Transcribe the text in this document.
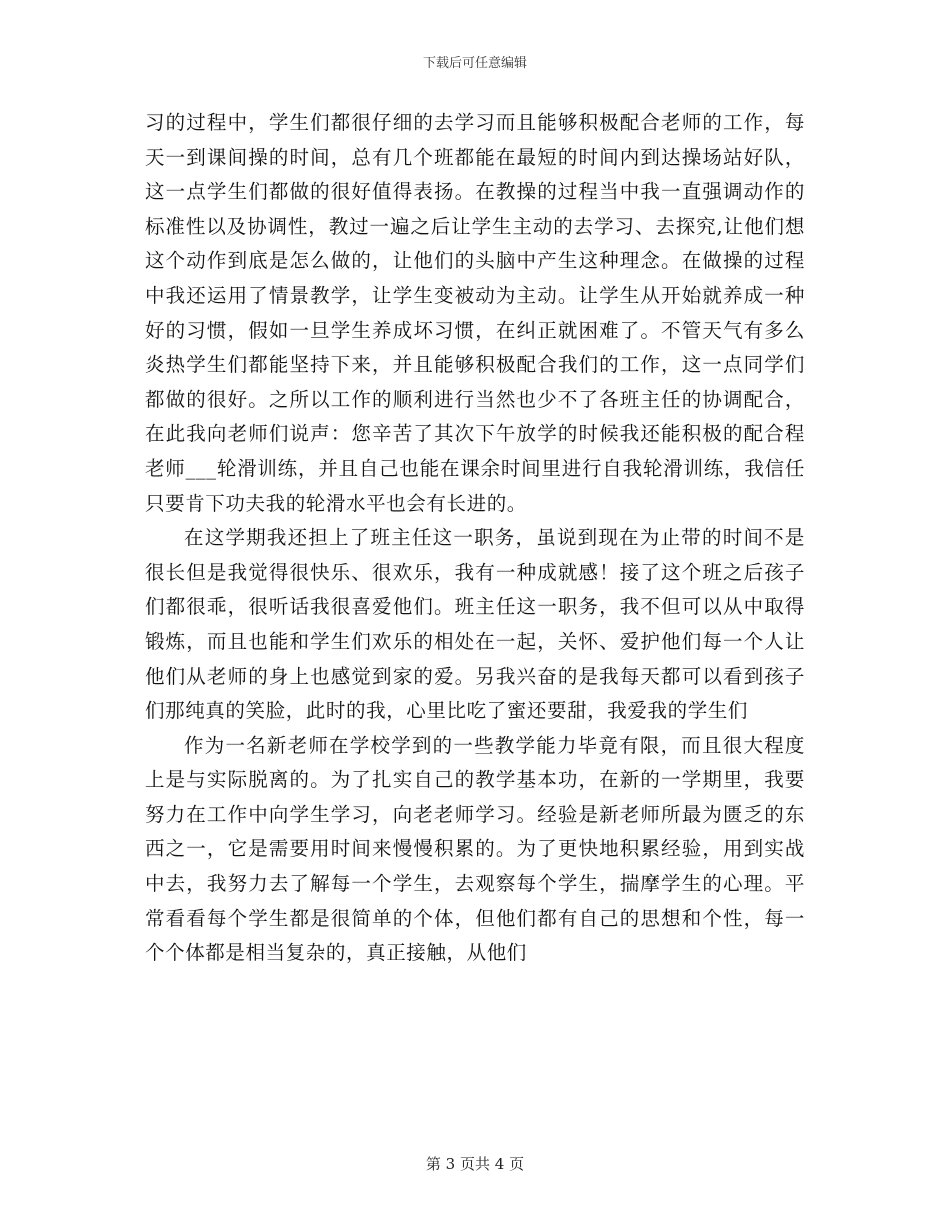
下载后可任意编辑

习的过程中，学生们都很仔细的去学习而且能够积极配合老师的工作，每天一到课间操的时间，总有几个班都能在最短的时间内到达操场站好队，这一点学生们都做的很好值得表扬。在教操的过程当中我一直强调动作的标准性以及协调性，教过一遍之后让学生主动的去学习、去探究,让他们想这个动作到底是怎么做的，让他们的头脑中产生这种理念。在做操的过程中我还运用了情景教学，让学生变被动为主动。让学生从开始就养成一种好的习惯，假如一旦学生养成坏习惯，在纠正就困难了。不管天气有多么炎热学生们都能坚持下来，并且能够积极配合我们的工作，这一点同学们都做的很好。之所以工作的顺利进行当然也少不了各班主任的协调配合，在此我向老师们说声：您辛苦了其次下午放学的时候我还能积极的配合程老师___轮滑训练，并且自己也能在课余时间里进行自我轮滑训练，我信任只要肯下功夫我的轮滑水平也会有长进的。

在这学期我还担上了班主任这一职务，虽说到现在为止带的时间不是很长但是我觉得很快乐、很欢乐，我有一种成就感！接了这个班之后孩子们都很乖，很听话我很喜爱他们。班主任这一职务，我不但可以从中取得锻炼，而且也能和学生们欢乐的相处在一起，关怀、爱护他们每一个人让他们从老师的身上也感觉到家的爱。另我兴奋的是我每天都可以看到孩子们那纯真的笑脸，此时的我，心里比吃了蜜还要甜，我爱我的学生们

作为一名新老师在学校学到的一些教学能力毕竟有限，而且很大程度上是与实际脱离的。为了扎实自己的教学基本功，在新的一学期里，我要努力在工作中向学生学习，向老老师学习。经验是新老师所最为匮乏的东西之一，它是需要用时间来慢慢积累的。为了更快地积累经验，用到实战中去，我努力去了解每一个学生，去观察每个学生，揣摩学生的心理。平常看看每个学生都是很简单的个体，但他们都有自己的思想和个性，每一个个体都是相当复杂的，真正接触，从他们

第 3 页共 4 页
